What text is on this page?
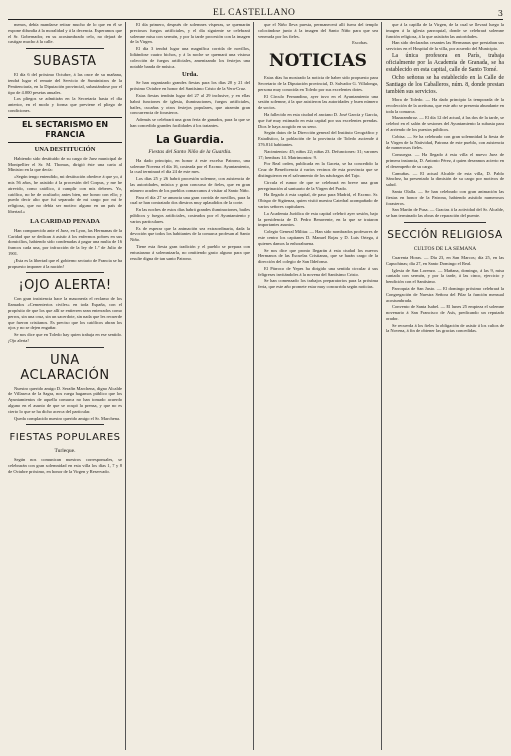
EL CASTELLANO	3

menos, debía mandarse retirar mucho de lo que en él se expone difundía á la moralidad y á la decencia. Esperamos que el Sr. Gobernador, en su acostumbrado celo, no dejará de castigar mucho á la calle.

SUBASTA

El día 6 del próximo Octubre, á las once de su mañana, tendrá lugar el remate del Servicio de Suministros de la Penitenciaría, en la Diputación provincial, subastándose por el tipo de 4.000 pesetas anuales.

Los pliegos se admitirán en la Secretaría hasta el día anterior, en el modo y forma que previene el pliego de condiciones.

EL SECTARISMO EN FRANCIA
UNA DESTITUCIÓN

Habiendo sido destituído de su cargo de Juez municipal de Montpellier el Sr. M. Thomas, dirigió éste una carta al Ministro en la que decía:

«Según tengo entendido, mi destitución obedece á que yo, á mis 56 años, he asistido á la procesión del Corpus, y me he atrevido, como católico, á cumplir con mis deberes. Yo, católico, no he de ocultarlo; antes bien, me honro con ello; y puedo decir alto que fuí separado de mi cargo por mi fe religiosa, que no debía ser motivo alguno en un país de libertad.»

LA CARIDAD PENADA

Han comparecido ante el Juez, en Lyon, las Hermanas de la Caridad que se dedican á asistir á los enfermos pobres en sus domicilios, habiendo sido condenadas á pagar una multa de 16 francos cada una, por infracción de la ley de 1.º de Julio de 1901.

¡Esta es la libertad que el gobierno sectario de Francia se ha propuesto imponer á la nación!

¡OJO ALERTA!

Con gran insistencia hace la masonería el reclamo de los llamados «Cementerios civiles» en toda España, con el propósito de que los que allí se entierren sean enterrados como perros, sin una cruz, sin un sacerdote, sin nada que les recuerde que fueron cristianos. Es preciso que los católicos abran los ojos y no se dejen engañar.

Se nos dice que en Toledo hay quien trabaja en ese sentido. ¡Ojo alerta!

UNA ACLARACIÓN

Nuestro querido amigo D. Serafín Marchena, digno Alcalde de Villaseca de la Sagra, nos ruega hagamos público que los Ayuntamientos de aquella comarca no han tomado acuerdo alguno en el asunto de que se ocupó la prensa, y que no es cierto lo que se ha dicho acerca del particular.

Queda complacido nuestro querido amigo el Sr. Marchena.

FIESTAS POPULARES
Turleque.

Según nos comunican nuestros corresponsales, se celebrarán con gran solemnidad en esta villa los días 1, 7 y 8 de Octubre próximo, en honor de la Virgen y Reservado.

El día primero, después de solemnes vísperas, se quemarán preciosos fuegos artificiales, y el día siguiente se celebrará solemne misa con sermón, y por la tarde procesión con la imagen de la Virgen.

El día 3 tendrá lugar una magnífica corrida de novillos, lidiándose cuatro bichos, y á la noche se quemará una vistosa colección de fuegos artificiales, amenizando los festejos una notable banda de música.

Urda.

Se han organizado grandes fiestas para los días 20 y 21 del próximo Octubre en honor del Santísimo Cristo de la Vera-Cruz.

Estas fiestas tendrán lugar del 27 al 29 inclusive, y en ellas habrá funciones de iglesia, iluminaciones, fuegos artificiales, bailes, cucañas y otros festejos populares, que atraerán gran concurrencia de forasteros.

Además se celebrará una gran feria de ganados, para la que se han concedido grandes facilidades á los tratantes.

La Guardia.
Fiestas del Santo Niño de la Guardia.

Ha dado principio, en honor á este excelso Patrono, una solemne Novena el día 16, costeada por el Excmo. Ayuntamiento, la cual terminará el día 24 de este mes.

Los días 25 y 26 habrá procesión solemne, con asistencia de las autoridades, música y gran concurso de fieles, que en gran número acuden de los pueblos comarcanos á visitar al Santo Niño.

Para el día 27 se anuncia una gran corrida de novillos, para la cual se han contratado dos diestros muy aplaudidos de la corte.

En las noches de estos días habrá grandes iluminaciones, bailes públicos y fuegos artificiales, costeados por el Ayuntamiento y varios particulares.

Es de esperar que la animación sea extraordinaria, dada la devoción que todos los habitantes de la comarca profesan al Santo Niño.

Tiene esta fiesta gran tradición y el pueblo se prepara con entusiasmo á solemnizarla, no omitiendo gasto alguno para que resulte digna de tan santo Patrono.

que el Niño lleva puesta, permanecerá allí fuera del templo colocándose junto á la imagen del Santo Niño para que sea venerada por los fieles.

Escobas.
NOTICIAS

Estas días ha mostrado la noticia de haber sido propuesto para Secretario de la Diputación provincial, D. Salvador G. Villalonga, persona muy conocida en Toledo por sus excelentes dotes.

El Círculo Fernandino, ayer tuvo en el Ayuntamiento una sesión solemne, á la que asistieron las autoridades y buen número de socios.

Ha fallecido en esta ciudad el anciano D. José García y García, que fué muy estimado en esta capital por sus excelentes prendas. Dios le haya acogido en su seno.

Según datos de la Dirección general del Instituto Geográfico y Estadístico, la población de la provincia de Toledo asciende á 376.814 habitantes.

Nacimientos: 45; niños 22; niñas 23. Defunciones: 31; varones 17; hembras 14. Matrimonios: 9.

Por Real orden, publicada en la Gaceta, se ha concedido la Cruz de Beneficencia á varios vecinos de esta provincia que se distinguieron en el salvamento de los náufragos del Tajo.

Circula el rumor de que se celebrará en breve una gran peregrinación al santuario de la Virgen del Prado.

Ha llegado á esta capital, de paso para Madrid, el Excmo. Sr. Obispo de Sigüenza, quien visitó nuestra Catedral acompañado de varios señores capitulares.

La Academia Jurídica de esta capital celebró ayer sesión, bajo la presidencia de D. Pedro Benavente, en la que se trataron importantes asuntos.

Colegio General Militar. — Han sido nombrados profesores de este centro los capitanes D. Manuel Rojas y D. Luis Ortega, á quienes damos la enhorabuena.

Se nos dice que pronto llegarán á esta ciudad los nuevos Hermanos de las Escuelas Cristianas, que se harán cargo de la dirección del colegio de San Ildefonso.

El Párroco de Yepes ha dirigido una sentida circular á sus feligreses invitándoles á la novena del Santísimo Cristo.

Se han comenzado los trabajos preparatorios para la próxima feria, que este año promete estar muy concurrida según noticias.

que á la capilla de la Virgen, de la cual se llevará luego la imagen á la iglesia parroquial, donde se celebrará solemne función religiosa, á la que asistirán las autoridades.

Han sido declaradas cesantes las Hermanas que prestaban sus servicios en el Hospital de la villa, por acuerdo del Municipio.

La única profesora en París, trabaja oficialmente por la Academia de Granada, se ha establecido en esta capital, calle de Santo Tomé.

Ocho señoras se ha establecido en la Calle de Santiago de los Caballeros, núm. 8, donde prestan también sus servicios.

Mora de Toledo. — Ha dado principio la temporada de la recolección de la aceituna, que este año se presenta abundante en toda la comarca.

Mazarambroz. — El día 12 del actual, á las dos de la tarde, se celebró en el salón de sesiones del Ayuntamiento la subasta para el arriendo de los puestos públicos.

Cobisa. — Se ha celebrado con gran solemnidad la fiesta de la Virgen de la Natividad, Patrona de este pueblo, con asistencia de numerosos fieles.

Consuegra. — Ha llegado á esta villa el nuevo Juez de primera instancia, D. Antonio Pérez, á quien deseamos acierto en el desempeño de su cargo.

Camuñas. — El actual Alcalde de esta villa, D. Pablo Sánchez, ha presentado la dimisión de su cargo por motivos de salud.

Santa Olalla. — Se han celebrado con gran animación las fiestas en honor de la Patrona, habiendo asistido numerosos forasteros.

San Martín de Pusa. — Gracias á la actividad del Sr. Alcalde, se han terminado las obras de reparación del puente.

SECCIÓN RELIGIOSA
CULTOS DE LA SEMANA

Cuarenta Horas. — Día 23, en San Marcos; día 25, en las Capuchinas; día 27, en Santo Domingo el Real.

Iglesia de San Lorenzo. — Mañana, domingo, á las 9, misa cantada con sermón, y por la tarde, á las cinco, ejercicio y bendición con el Santísimo.

Parroquia de San Justo. — El domingo próximo celebrará la Congregación de Nuestra Señora del Pilar la función mensual acostumbrada.

Convento de Santa Isabel. — El lunes 25 empieza el solemne novenario á San Francisco de Asís, predicando un reputado orador.

Se recuerda á los fieles la obligación de asistir á los cultos de la Novena, á fin de obtener las gracias concedidas.
